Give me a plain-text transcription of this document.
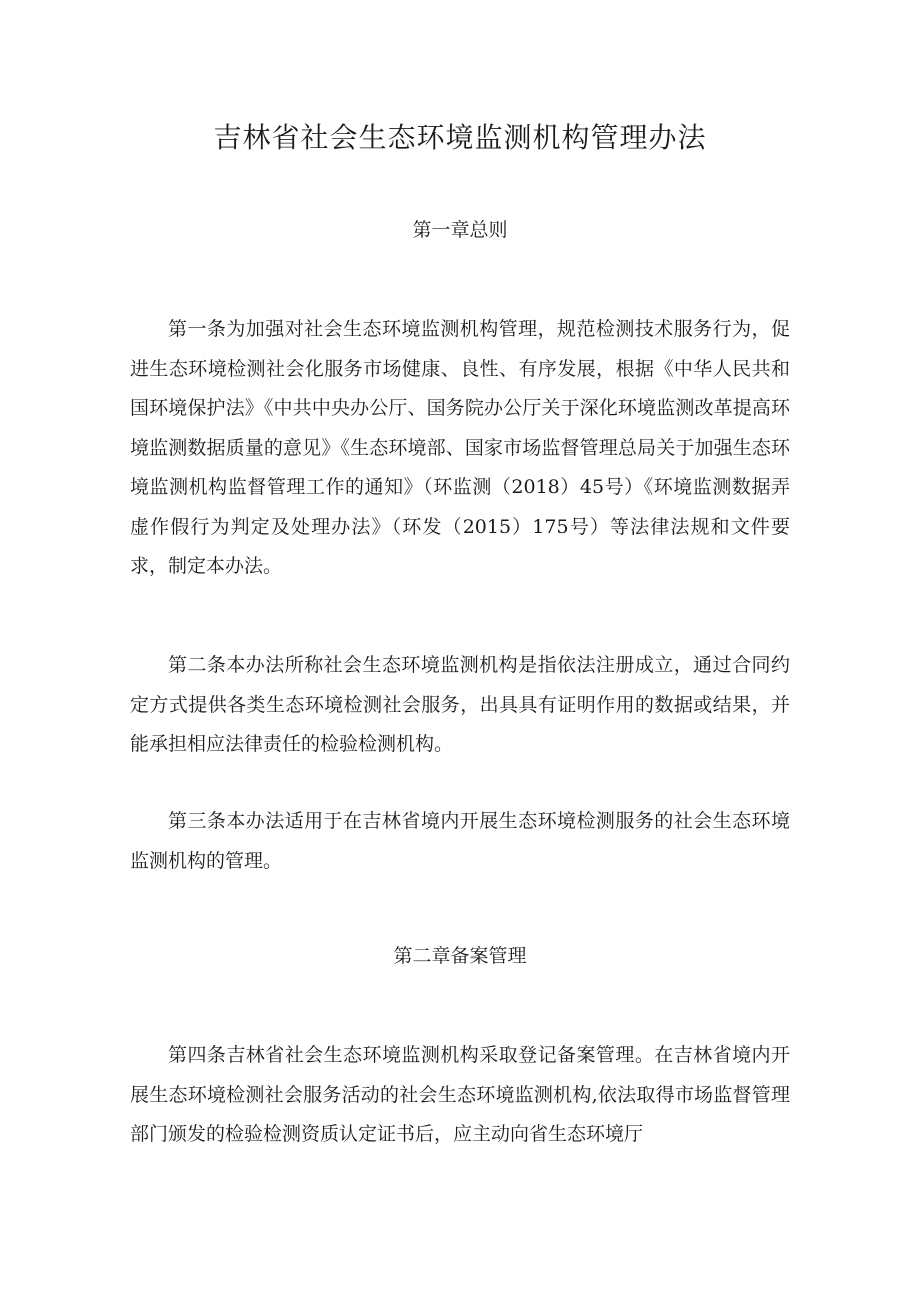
吉林省社会生态环境监测机构管理办法
第一章总则

第一条为加强对社会生态环境监测机构管理，规范检测技术服务行为，促进生态环境检测社会化服务市场健康、良性、有序发展，根据《中华人民共和国环境保护法》《中共中央办公厅、国务院办公厅关于深化环境监测改革提高环境监测数据质量的意见》《生态环境部、国家市场监督管理总局关于加强生态环境监测机构监督管理工作的通知》（环监测（2018）45号）《环境监测数据弄虚作假行为判定及处理办法》（环发（2015）175号）等法律法规和文件要求，制定本办法。

第二条本办法所称社会生态环境监测机构是指依法注册成立，通过合同约定方式提供各类生态环境检测社会服务，出具具有证明作用的数据或结果，并能承担相应法律责任的检验检测机构。

第三条本办法适用于在吉林省境内开展生态环境检测服务的社会生态环境监测机构的管理。

第二章备案管理

第四条吉林省社会生态环境监测机构采取登记备案管理。在吉林省境内开展生态环境检测社会服务活动的社会生态环境监测机构,依法取得市场监督管理部门颁发的检验检测资质认定证书后，应主动向省生态环境厅
